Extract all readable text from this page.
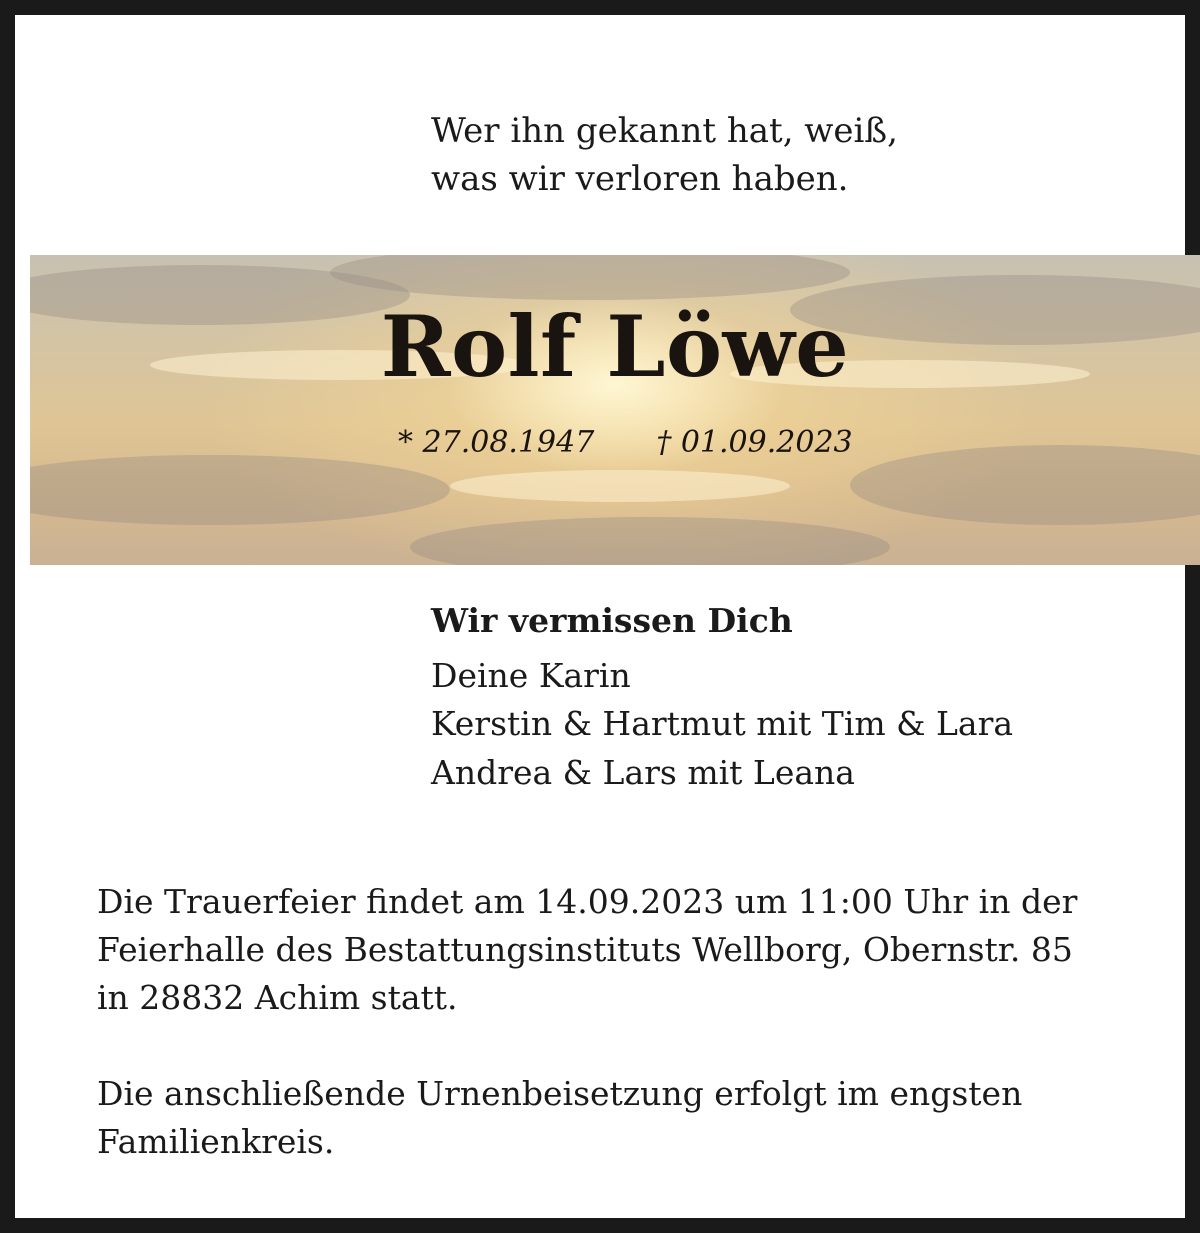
Wer ihn gekannt hat, weiß,
was wir verloren haben.
Rolf Löwe
* 27.08.1947 † 01.09.2023
Wir vermissen Dich
Deine Karin
Kerstin & Hartmut mit Tim & Lara
Andrea & Lars mit Leana

Die Trauerfeier findet am 14.09.2023 um 11:00 Uhr in der
Feierhalle des Bestattungsinstituts Wellborg, Obernstr. 85
in 28832 Achim statt.

Die anschließende Urnenbeisetzung erfolgt im engsten
Familienkreis.
